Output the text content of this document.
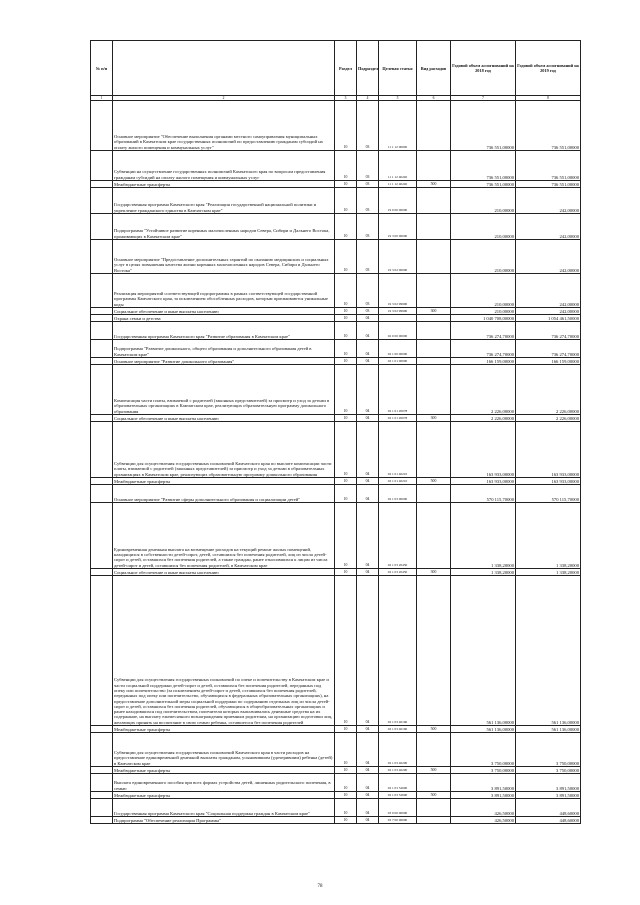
№ п/п		Раздел	Подраздел	Целевая статья	Вид расходов	Годовой объем ассигнований на 2018 год	Годовой объем ассигнований на 2019 год
1	2	3	4	5	6	7	8
	Основное мероприятие "Обеспечение выполнения органами местного самоуправления муниципальных образований в Камчатском крае государственных полномочий по предоставлению гражданам субсидий на оплату жилого помещения и коммунальных услуг"	10	03	11 1 12 00000		736 551,00000	736 551,00000
	Субвенции на осуществление государственных полномочий Камчатского края по вопросам предоставления гражданам субсидий на оплату жилого помещения и коммунальных услуг	10	03	11 1 12 40240		736 551,00000	736 551,00000
	Межбюджетные трансферты	10	03	11 1 12 40240	500	736 551,00000	736 551,00000
	Государственная программа Камчатского края "Реализация государственной национальной политики и укрепление гражданского единства в Камчатском крае"	10	03	19 0 00 00000		210,00000	242,00000
	Подпрограмма "Устойчивое развитие коренных малочисленных народов Севера, Сибири и Дальнего Востока, проживающих в Камчатском крае"	10	03	19 3 00 00000		210,00000	242,00000
	Основное мероприятие "Предоставление дополнительных гарантий по оказанию медицинских и социальных услуг в целях повышения качества жизни коренных малочисленных народов Севера, Сибири и Дальнего Востока"	10	03	19 3 02 00000		210,00000	242,00000
	Реализация мероприятий соответствующей подпрограммы в рамках соответствующей государственной программы Камчатского края, за исключением обособленных расходов, которым присваиваются уникальные коды	10	03	19 3 02 99990		210,00000	242,00000
	Социальное обеспечение и иные выплаты населению	10	03	19 3 02 99990	300	210,00000	242,00000
	Охрана семьи и детства	10	04			1 040 708,00000	1 054 461,50000
	Государственная программа Камчатского края "Развитие образования в Камчатском крае"	10	04	02 0 00 00000		736 274,70000	736 274,70000
	Подпрограмма "Развитие дошкольного, общего образования и дополнительного образования детей в Камчатском крае"	10	04	02 1 00 00000		736 274,70000	736 274,70000
	Основное мероприятие "Развитие дошкольного образования"	10	04	02 1 01 00000		166 159,00000	166 159,00000
	Компенсация части платы, взимаемой с родителей (законных представителей) за присмотр и уход за детьми в образовательных организациях в Камчатском крае, реализующих образовательную программу дошкольного образования	10	04	02 1 01 20078		2 226,00000	2 226,00000
	Социальное обеспечение и иные выплаты населению	10	04	02 1 01 20078	300	2 226,00000	2 226,00000
	Субвенции для осуществления государственных полномочий Камчатского края по выплате компенсации части платы, взимаемой с родителей (законных представителей) за присмотр и уход за детьми в образовательных организациях в Камчатском крае, реализующих образовательную программу дошкольного образования	10	04	02 1 01 40210		163 933,00000	163 933,00000
	Межбюджетные трансферты	10	04	02 1 01 40210	500	163 933,00000	163 933,00000
	Основное мероприятие "Развитие сферы дополнительного образования и социализации детей"	10	04	02 1 03 00000		570 115,70000	570 115,70000
	Единовременная денежная выплата на возмещение расходов на текущий ремонт жилых помещений, находящихся в собственности детей-сирот, детей, оставшихся без попечения родителей, лиц из числа детей-сирот и детей, оставшихся без попечения родителей, а также граждан, ранее относившихся к лицам из числа детей-сирот и детей, оставшихся без попечения родителей, в Камчатском крае	10	04	02 1 03 20450		1 338,20000	1 338,20000
	Социальное обеспечение и иные выплаты населению	10	04	02 1 03 20450	300	1 338,20000	1 338,20000
	Субвенции для осуществления государственных полномочий по опеке и попечительству в Камчатском крае и части социальной поддержки детей-сирот и детей, оставшихся без попечения родителей, переданных под опеку или попечительство (за исключением детей-сирот и детей, оставшихся без попечения родителей, переданных под опеку или попечительство, обучающихся в федеральных образовательных организациях), на предоставление дополнительной меры социальной поддержки по содержанию отдельных лиц из числа детей-сирот и детей, оставшихся без попечения родителей, обучающихся в общеобразовательных организациях и ранее находившихся под попечительством, попечители которых выплачивались денежные средства на их содержание, на выплату ежемесячного вознаграждения приемным родителям, на организацию подготовки лиц, желающих принять на воспитание в свою семью ребенка, оставшегося без попечения родителей	10	04	02 1 03 40160		561 136,00000	561 136,00000
	Межбюджетные трансферты	10	04	02 1 03 40160	500	561 136,00000	561 136,00000
	Субвенции для осуществления государственных полномочий Камчатского края в части расходов на предоставление единовременной денежной выплаты гражданам, усыновившим (удочерившим) ребенка (детей) в Камчатском крае	10	04	02 1 03 40200		3 750,00000	3 750,00000
	Межбюджетные трансферты	10	04	02 1 03 40200	500	3 750,00000	3 750,00000
	Выплата единовременного пособия при всех формах устройства детей, лишенных родительского попечения, в семью	10	04	02 1 03 52600		3 891,50000	3 891,50000
	Межбюджетные трансферты	10	04	02 1 03 52600	500	3 891,50000	3 891,50000
	Государственная программа Камчатского края "Социальная поддержка граждан в Камчатском крае"	10	04	03 0 00 00000		426,50000	448,60000
	Подпрограмма "Обеспечение реализации Программы"	10	04	03 7 00 00000		426,50000	448,60000
78
